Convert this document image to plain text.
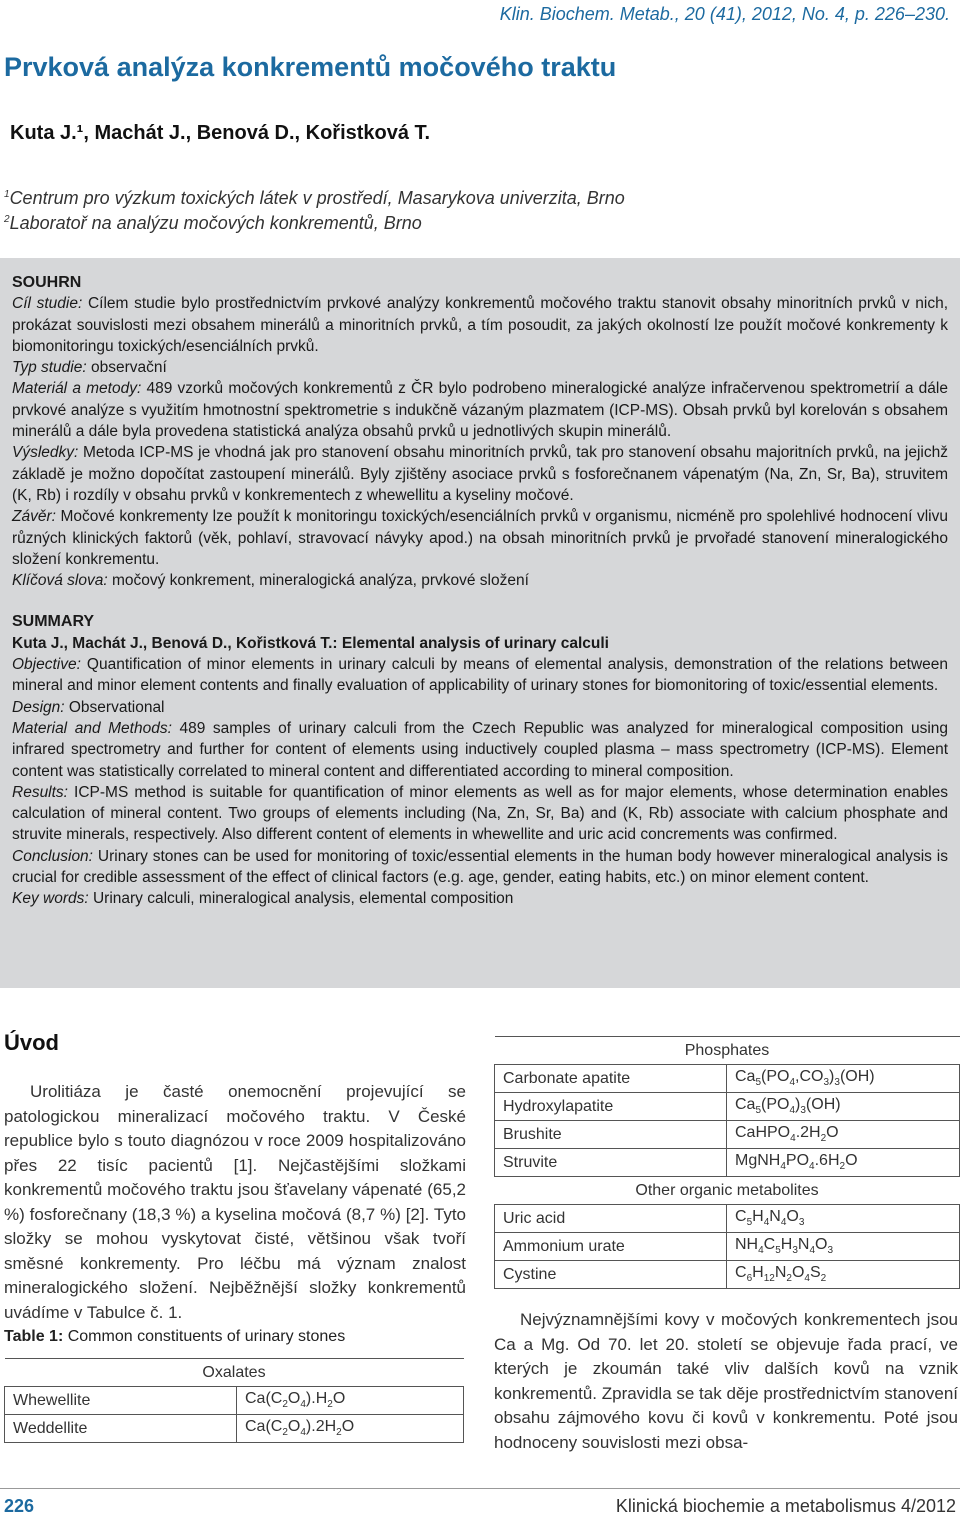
Klin. Biochem. Metab., 20 (41), 2012, No. 4, p. 226–230.
Prvková analýza konkrementů močového traktu
Kuta J.¹, Machát J., Benová D., Kořistková T.
$^1$Centrum pro výzkum toxických látek v prostředí, Masarykova univerzita, Brno
$^2$Laboratoř na analýzu močových konkrementů, Brno

SOUHRN

Cíl studie: Cílem studie bylo prostřednictvím prvkové analýzy konkrementů močového traktu stanovit obsahy minoritních prvků v nich, prokázat souvislosti mezi obsahem minerálů a minoritních prvků, a tím posoudit, za jakých okolností lze použít močové konkrementy k biomonitoringu toxických/esenciálních prvků.

Typ studie: observační

Materiál a metody: 489 vzorků močových konkrementů z ČR bylo podrobeno mineralogické analýze infračervenou spektrometrií a dále prvkové analýze s využitím hmotnostní spektrometrie s indukčně vázaným plazmatem (ICP-MS). Obsah prvků byl korelován s obsahem minerálů a dále byla provedena statistická analýza obsahů prvků u jednotlivých skupin minerálů.

Výsledky: Metoda ICP-MS je vhodná jak pro stanovení obsahu minoritních prvků, tak pro stanovení obsahu majoritních prvků, na jejichž základě je možno dopočítat zastoupení minerálů. Byly zjištěny asociace prvků s fosforečnanem vápenatým (Na, Zn, Sr, Ba), struvitem (K, Rb) i rozdíly v obsahu prvků v konkrementech z whewellitu a kyseliny močové.

Závěr: Močové konkrementy lze použít k monitoringu toxických/esenciálních prvků v organismu, nicméně pro spolehlivé hodnocení vlivu různých klinických faktorů (věk, pohlaví, stravovací návyky apod.) na obsah minoritních prvků je prvořadé stanovení mineralogického složení konkrementu.

Klíčová slova: močový konkrement, mineralogická analýza, prvkové složení

SUMMARY

Kuta J., Machát J., Benová D., Kořistková T.: Elemental analysis of urinary calculi

Objective: Quantification of minor elements in urinary calculi by means of elemental analysis, demonstration of the relations between mineral and minor element contents and finally evaluation of applicability of urinary stones for biomonitoring of toxic/essential elements.

Design: Observational

Material and Methods: 489 samples of urinary calculi from the Czech Republic was analyzed for mineralogical composition using infrared spectrometry and further for content of elements using inductively coupled plasma – mass spectrometry (ICP-MS). Element content was statistically correlated to mineral content and differentiated according to mineral composition.

Results: ICP-MS method is suitable for quantification of minor elements as well as for major elements, whose determination enables calculation of mineral content. Two groups of elements including (Na, Zn, Sr, Ba) and (K, Rb) associate with calcium phosphate and struvite minerals, respectively. Also different content of elements in whewellite and uric acid concrements was confirmed.

Conclusion: Urinary stones can be used for monitoring of toxic/essential elements in the human body however mineralogical analysis is crucial for credible assessment of the effect of clinical factors (e.g. age, gender, eating habits, etc.) on minor element content.

Key words: Urinary calculi, mineralogical analysis, elemental composition

Úvod
Urolitiáza je časté onemocnění projevující se patologickou mineralizací močového traktu. V České republice bylo s touto diagnózou v roce 2009 hospitalizováno přes 22 tisíc pacientů [1]. Nejčastějšími složkami konkrementů močového traktu jsou šťavelany vápenaté (65,2 %) fosforečnany (18,3 %) a kyselina močová (8,7 %) [2]. Tyto složky se mohou vyskytovat čisté, většinou však tvoří směsné konkrementy. Pro léčbu má význam znalost mineralogického složení. Nejběžnější složky konkrementů uvádíme v Tabulce č. 1.
Table 1: Common constituents of urinary stones
Oxalates	
Whewellite	$Ca(C_2O_4).H_2O$
Weddellite	$Ca(C_2O_4).2H_2O$
Phosphates	
Carbonate apatite	$Ca_5(PO_4,CO_3)_3(OH)$
Hydroxylapatite	$Ca_5(PO_4)_3(OH)$
Brushite	$CaHPO_4.2H_2O$
Struvite	$MgNH_4PO_4.6H_2O$
Other organic metabolites	
Uric acid	$C_5H_4N_4O_3$
Ammonium urate	$NH_4C_5H_3N_4O_3$
Cystine	$C_6H_{12}N_2O_4S_2$
Nejvýznamnějšími kovy v močových konkrementech jsou Ca a Mg. Od 70. let 20. století se objevuje řada prací, ve kterých je zkoumán také vliv dalších kovů na vznik konkrementů. Zpravidla se tak děje prostřednictvím stanovení obsahu zájmového kovu či kovů v konkrementu. Poté jsou hodnoceny souvislosti mezi obsa-
226	Klinická biochemie a metabolismus 4/2012
